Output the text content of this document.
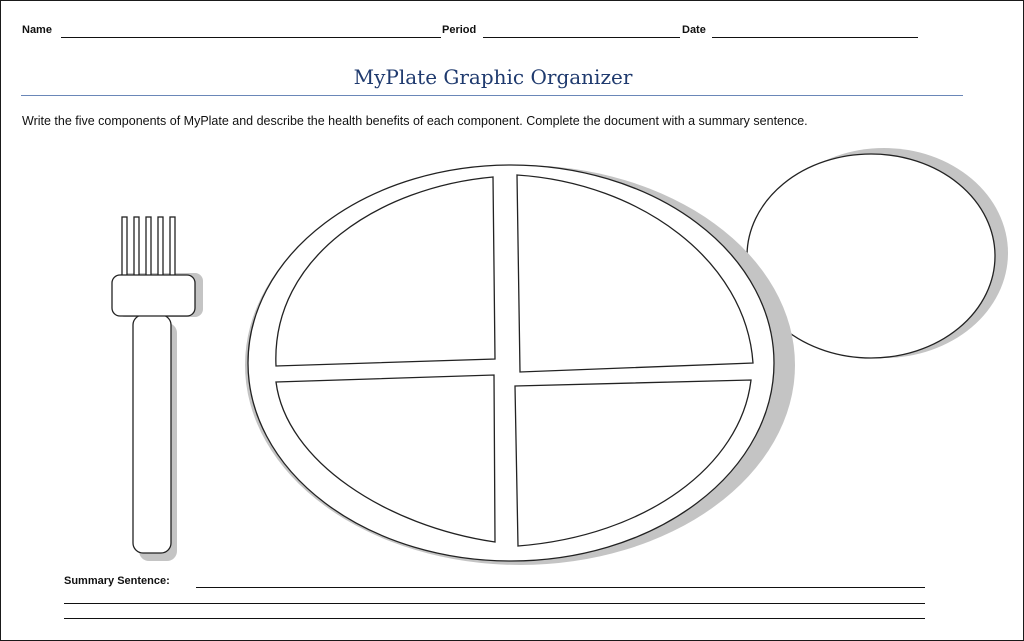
Name	Period	Date
MyPlate Graphic Organizer
Write the five components of MyPlate and describe the health benefits of each component. Complete the document with a summary sentence.
Summary Sentence:
